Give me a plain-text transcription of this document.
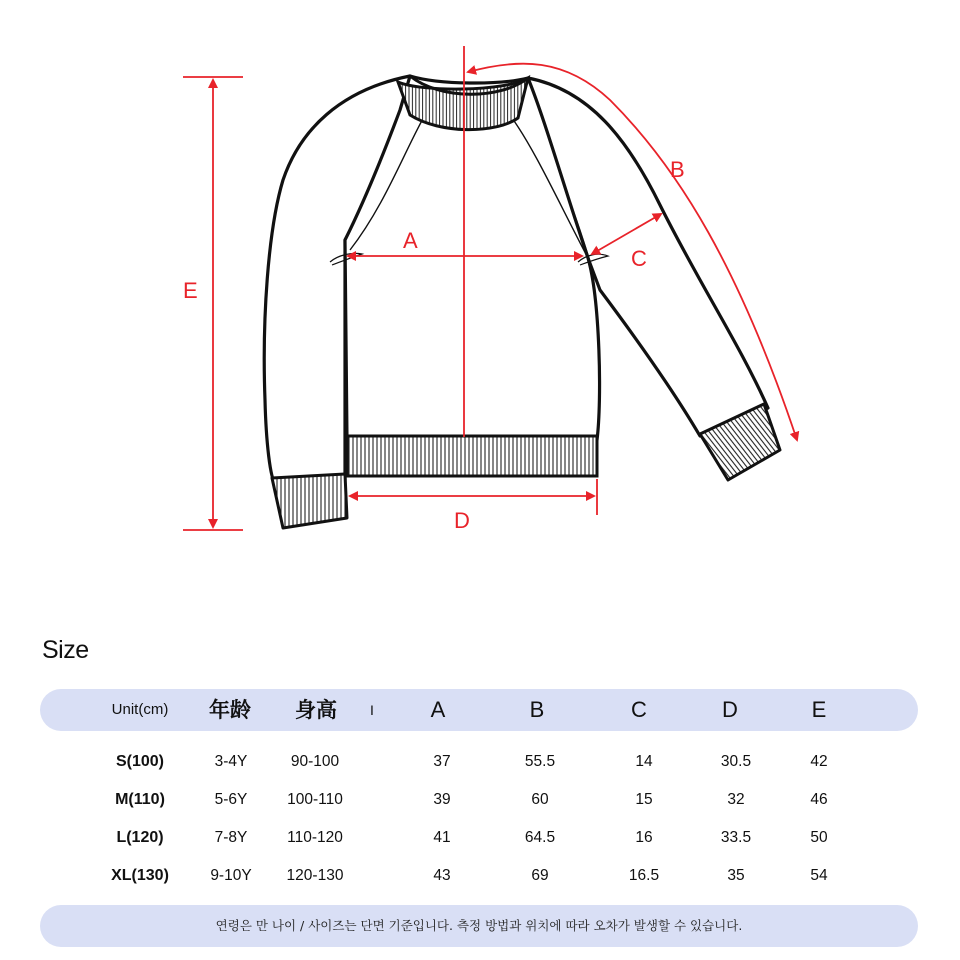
A
B
C
D
E
Size
Unit(cm) 年龄 身高 I	A	B	C	D	E
S(100)	3-4Y	90-100	37	55.5	14	30.5	42
M(110)	5-6Y	100-110	39	60	15	32	46
L(120)	7-8Y	110-120	41	64.5	16	33.5	50
XL(130)	9-10Y 120-130	43	69	16.5	35	54
연령은 만 나이 / 사이즈는 단면 기준입니다. 측정 방법과 위치에 따라 오차가 발생할 수 있습니다.
